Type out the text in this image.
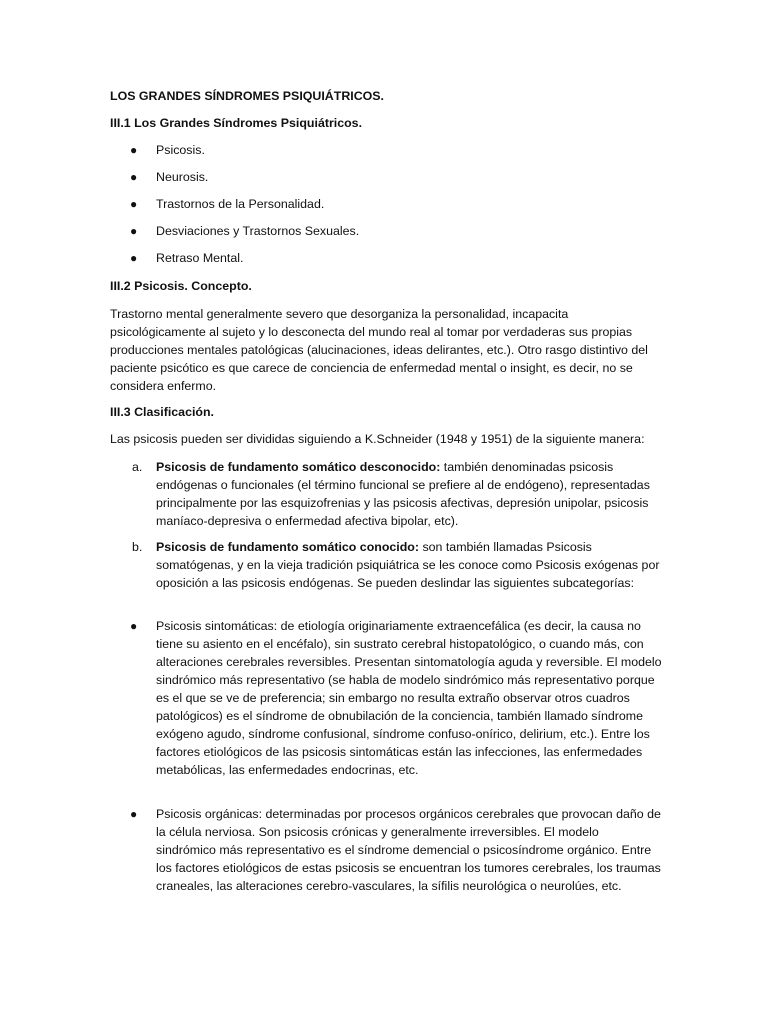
LOS GRANDES SÍNDROMES PSIQUIÁTRICOS.
III.1 Los Grandes Síndromes Psiquiátricos.
● Psicosis.
● Neurosis.
● Trastornos de la Personalidad.
● Desviaciones y Trastornos Sexuales.
● Retraso Mental.
III.2 Psicosis. Concepto.

Trastorno mental generalmente severo que desorganiza la personalidad, incapacita psicológicamente al sujeto y lo desconecta del mundo real al tomar por verdaderas sus propias producciones mentales patológicas (alucinaciones, ideas delirantes, etc.). Otro rasgo distintivo del paciente psicótico es que carece de conciencia de enfermedad mental o insight, es decir, no se considera enfermo.

III.3 Clasificación.

Las psicosis pueden ser divididas siguiendo a K.Schneider (1948 y 1951) de la siguiente manera:

a. Psicosis de fundamento somático desconocido: también denominadas psicosis endógenas o funcionales (el término funcional se prefiere al de endógeno), representadas principalmente por las esquizofrenias y las psicosis afectivas, depresión unipolar, psicosis maníaco-depresiva o enfermedad afectiva bipolar, etc).
b. Psicosis de fundamento somático conocido: son también llamadas Psicosis somatógenas, y en la vieja tradición psiquiátrica se les conoce como Psicosis exógenas por oposición a las psicosis endógenas. Se pueden deslindar las siguientes subcategorías:
● Psicosis sintomáticas: de etiología originariamente extraencefálica (es decir, la causa no tiene su asiento en el encéfalo), sin sustrato cerebral histopatológico, o cuando más, con alteraciones cerebrales reversibles. Presentan sintomatología aguda y reversible. El modelo sindrómico más representativo (se habla de modelo sindrómico más representativo porque es el que se ve de preferencia; sin embargo no resulta extraño observar otros cuadros patológicos) es el síndrome de obnubilación de la conciencia, también llamado síndrome exógeno agudo, síndrome confusional, síndrome confuso-onírico, delirium, etc.). Entre los factores etiológicos de las psicosis sintomáticas están las infecciones, las enfermedades metabólicas, las enfermedades endocrinas, etc.
● Psicosis orgánicas: determinadas por procesos orgánicos cerebrales que provocan daño de la célula nerviosa. Son psicosis crónicas y generalmente irreversibles. El modelo sindrómico más representativo es el síndrome demencial o psicosíndrome orgánico. Entre los factores etiológicos de estas psicosis se encuentran los tumores cerebrales, los traumas craneales, las alteraciones cerebro-vasculares, la sífilis neurológica o neurolúes, etc.
